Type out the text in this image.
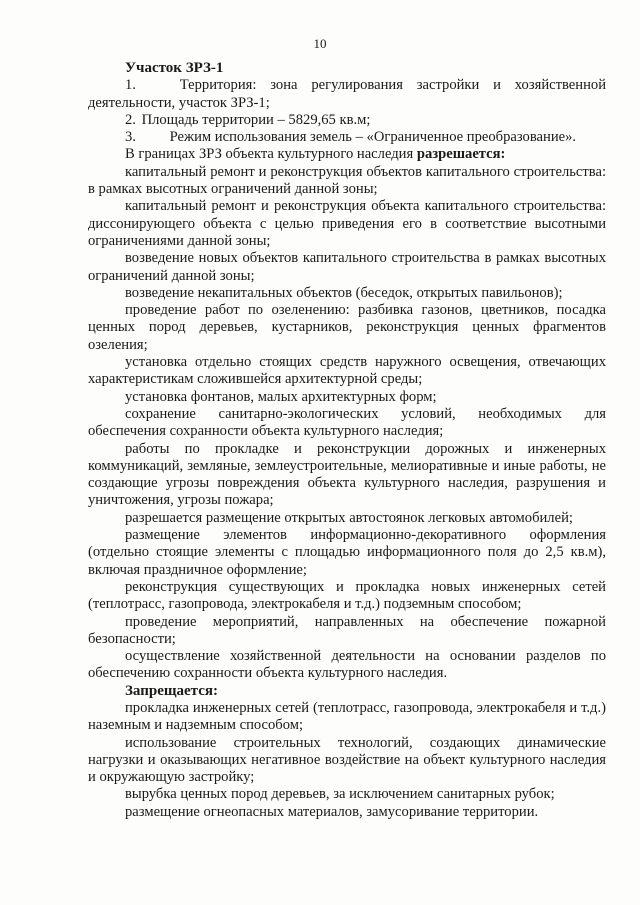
10

Участок ЗРЗ-1

1.	Территория: зона регулирования застройки и хозяйственной деятельности, участок ЗРЗ-1;

2. Площадь территории – 5829,65 кв.м;

3. Режим использования земель – «Ограниченное преобразование».

В границах ЗРЗ объекта культурного наследия разрешается:

капитальный ремонт и реконструкция объектов капитального строительства: в рамках высотных ограничений данной зоны;

капитальный ремонт и реконструкция объекта капитального строительства: диссонирующего объекта с целью приведения его в соответствие высотными ограничениями данной зоны;

возведение новых объектов капитального строительства в рамках высотных ограничений данной зоны;

возведение некапитальных объектов (беседок, открытых павильонов);

проведение работ по озеленению: разбивка газонов, цветников, посадка ценных пород деревьев, кустарников, реконструкция ценных фрагментов озеления;

установка отдельно стоящих средств наружного освещения, отвечающих характеристикам сложившейся архитектурной среды;

установка фонтанов, малых архитектурных форм;

сохранение санитарно-экологических условий, необходимых для обеспечения сохранности объекта культурного наследия;

работы по прокладке и реконструкции дорожных и инженерных коммуникаций, земляные, землеустроительные, мелиоративные и иные работы, не создающие угрозы повреждения объекта культурного наследия, разрушения и уничтожения, угрозы пожара;

разрешается размещение открытых автостоянок легковых автомобилей;

размещение элементов информационно-декоративного оформления (отдельно стоящие элементы с площадью информационного поля до 2,5 кв.м), включая праздничное оформление;

реконструкция существующих и прокладка новых инженерных сетей (теплотрасс, газопровода, электрокабеля и т.д.) подземным способом;

проведение мероприятий, направленных на обеспечение пожарной безопасности;

осуществление хозяйственной деятельности на основании разделов по обеспечению сохранности объекта культурного наследия.

Запрещается:

прокладка инженерных сетей (теплотрасс, газопровода, электрокабеля и т.д.) наземным и надземным способом;

использование строительных технологий, создающих динамические нагрузки и оказывающих негативное воздействие на объект культурного наследия и окружающую застройку;

вырубка ценных пород деревьев, за исключением санитарных рубок;

размещение огнеопасных материалов, замусоривание территории.
